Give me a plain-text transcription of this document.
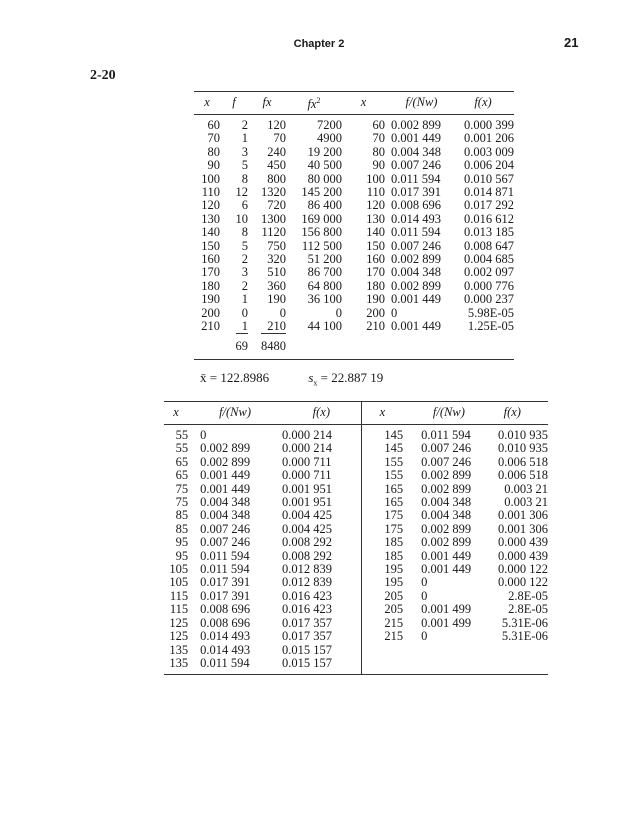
Chapter 2	21
2-20
x	f	fx	$fx^2$	x	f/(Nw)	f(x)
60	2	120	7200	60	0.002 899	0.000 399
70	1	70	4900	70	0.001 449	0.001 206
80	3	240	19 200	80	0.004 348	0.003 009
90	5	450	40 500	90	0.007 246	0.006 204
100	8	800	80 000	100	0.011 594	0.010 567
110	12	1320	145 200	110	0.017 391	0.014 871
120	6	720	86 400	120	0.008 696	0.017 292
130	10	1300	169 000	130	0.014 493	0.016 612
140	8	1120	156 800	140	0.011 594	0.013 185
150	5	750	112 500	150	0.007 246	0.008 647
160	2	320	51 200	160	0.002 899	0.004 685
170	3	510	86 700	170	0.004 348	0.002 097
180	2	360	64 800	180	0.002 899	0.000 776
190	1	190	36 100	190	0.001 449	0.000 237
200	0	0	0	200	0	5.98E-05
210	1	210	44 100	210	0.001 449	1.25E-05
	69	8480				
x̄ = 122.8986	$s_x = 22.887$ 19
x	f/(Nw)	f(x)	x	f/(Nw)	f(x)
55	0	0.000 214	145	0.011 594	0.010 935
55	0.002 899	0.000 214	145	0.007 246	0.010 935
65	0.002 899	0.000 711	155	0.007 246	0.006 518
65	0.001 449	0.000 711	155	0.002 899	0.006 518
75	0.001 449	0.001 951	165	0.002 899	0.003 21
75	0.004 348	0.001 951	165	0.004 348	0.003 21
85	0.004 348	0.004 425	175	0.004 348	0.001 306
85	0.007 246	0.004 425	175	0.002 899	0.001 306
95	0.007 246	0.008 292	185	0.002 899	0.000 439
95	0.011 594	0.008 292	185	0.001 449	0.000 439
105	0.011 594	0.012 839	195	0.001 449	0.000 122
105	0.017 391	0.012 839	195	0	0.000 122
115	0.017 391	0.016 423	205	0	2.8E-05
115	0.008 696	0.016 423	205	0.001 499	2.8E-05
125	0.008 696	0.017 357	215	0.001 499	5.31E-06
125	0.014 493	0.017 357	215	0	5.31E-06
135	0.014 493	0.015 157			
135	0.011 594	0.015 157			
